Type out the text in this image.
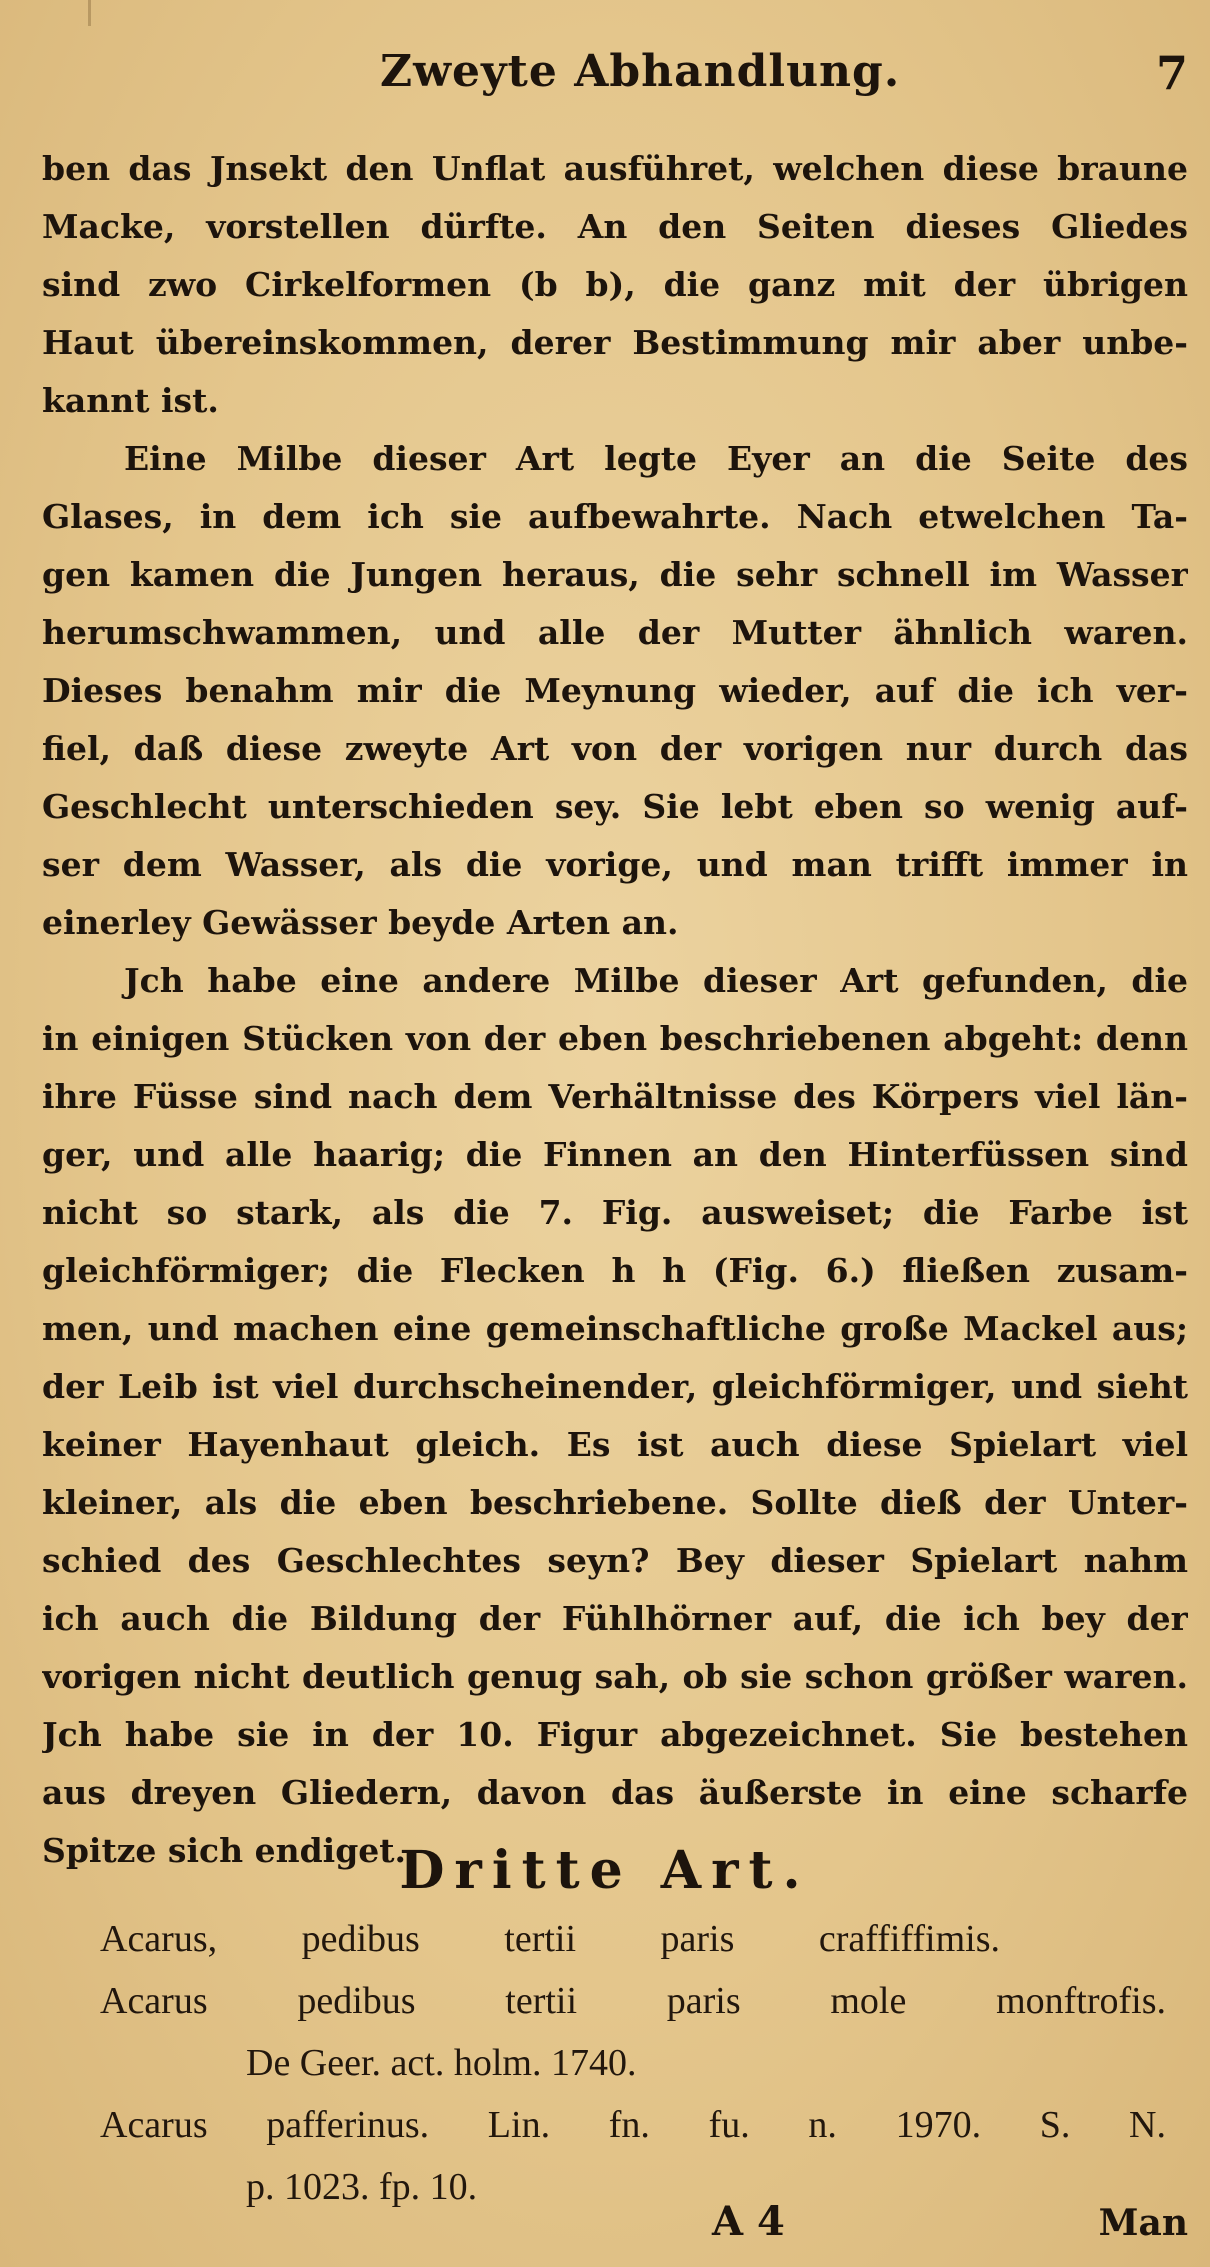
Zweyte Abhandlung.	7
ben das Jnsekt den Unflat ausführet, welchen diese braune
Macke, vorstellen dürfte. An den Seiten dieses Gliedes
sind zwo Cirkelformen (b b), die ganz mit der übrigen
Haut übereinskommen, derer Bestimmung mir aber unbe-
kannt ist.
Eine Milbe dieser Art legte Eyer an die Seite des
Glases, in dem ich sie aufbewahrte. Nach etwelchen Ta-
gen kamen die Jungen heraus, die sehr schnell im Wasser
herumschwammen, und alle der Mutter ähnlich waren.
Dieses benahm mir die Meynung wieder, auf die ich ver-
fiel, daß diese zweyte Art von der vorigen nur durch das
Geschlecht unterschieden sey. Sie lebt eben so wenig auf-
ser dem Wasser, als die vorige, und man trifft immer in
einerley Gewässer beyde Arten an.
Jch habe eine andere Milbe dieser Art gefunden, die
in einigen Stücken von der eben beschriebenen abgeht: denn
ihre Füsse sind nach dem Verhältnisse des Körpers viel län-
ger, und alle haarig; die Finnen an den Hinterfüssen sind
nicht so stark, als die 7. Fig. ausweiset; die Farbe ist
gleichförmiger; die Flecken h h (Fig. 6.) fließen zusam-
men, und machen eine gemeinschaftliche große Mackel aus;
der Leib ist viel durchscheinender, gleichförmiger, und sieht
keiner Hayenhaut gleich. Es ist auch diese Spielart viel
kleiner, als die eben beschriebene. Sollte dieß der Unter-
schied des Geschlechtes seyn? Bey dieser Spielart nahm
ich auch die Bildung der Fühlhörner auf, die ich bey der
vorigen nicht deutlich genug sah, ob sie schon größer waren.
Jch habe sie in der 10. Figur abgezeichnet. Sie bestehen
aus dreyen Gliedern, davon das äußerste in eine scharfe
Spitze sich endiget.
Dritte Art.
Acarus, pedibus tertii paris craffiffimis.
Acarus pedibus tertii paris mole monftrofis.
De Geer. act. holm. 1740.
Acarus pafferinus. Lin. fn. fu. n. 1970. S. N.
p. 1023. fp. 10.
A 4	Man
